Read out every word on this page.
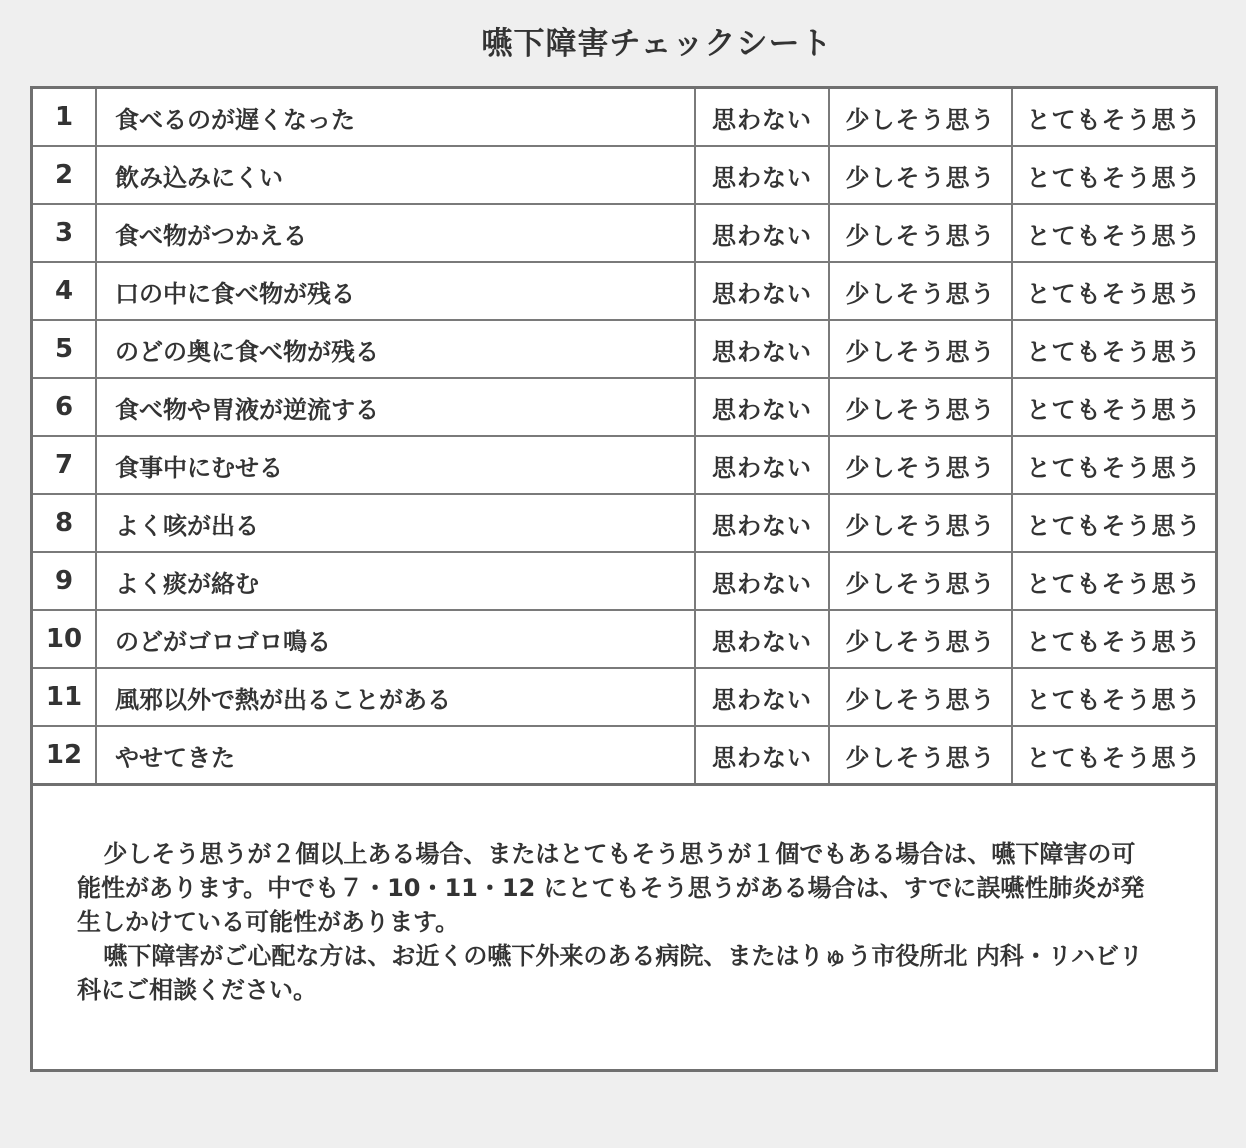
嚥下障害チェックシート
1	食べるのが遅くなった	思わない	少しそう思う	とてもそう思う
2	飲み込みにくい	思わない	少しそう思う	とてもそう思う
3	食べ物がつかえる	思わない	少しそう思う	とてもそう思う
4	口の中に食べ物が残る	思わない	少しそう思う	とてもそう思う
5	のどの奥に食べ物が残る	思わない	少しそう思う	とてもそう思う
6	食べ物や胃液が逆流する	思わない	少しそう思う	とてもそう思う
7	食事中にむせる	思わない	少しそう思う	とてもそう思う
8	よく咳が出る	思わない	少しそう思う	とてもそう思う
9	よく痰が絡む	思わない	少しそう思う	とてもそう思う
10	のどがゴロゴロ鳴る	思わない	少しそう思う	とてもそう思う
11	風邪以外で熱が出ることがある	思わない	少しそう思う	とてもそう思う
12	やせてきた	思わない	少しそう思う	とてもそう思う

少しそう思うが２個以上ある場合、またはとてもそう思うが１個でもある場合は、嚥下障害の可能性があります。中でも７・10・11・12 にとてもそう思うがある場合は、すでに誤嚥性肺炎が発生しかけている可能性があります。

嚥下障害がご心配な方は、お近くの嚥下外来のある病院、またはりゅう市役所北 内科・リハビリ科にご相談ください。
